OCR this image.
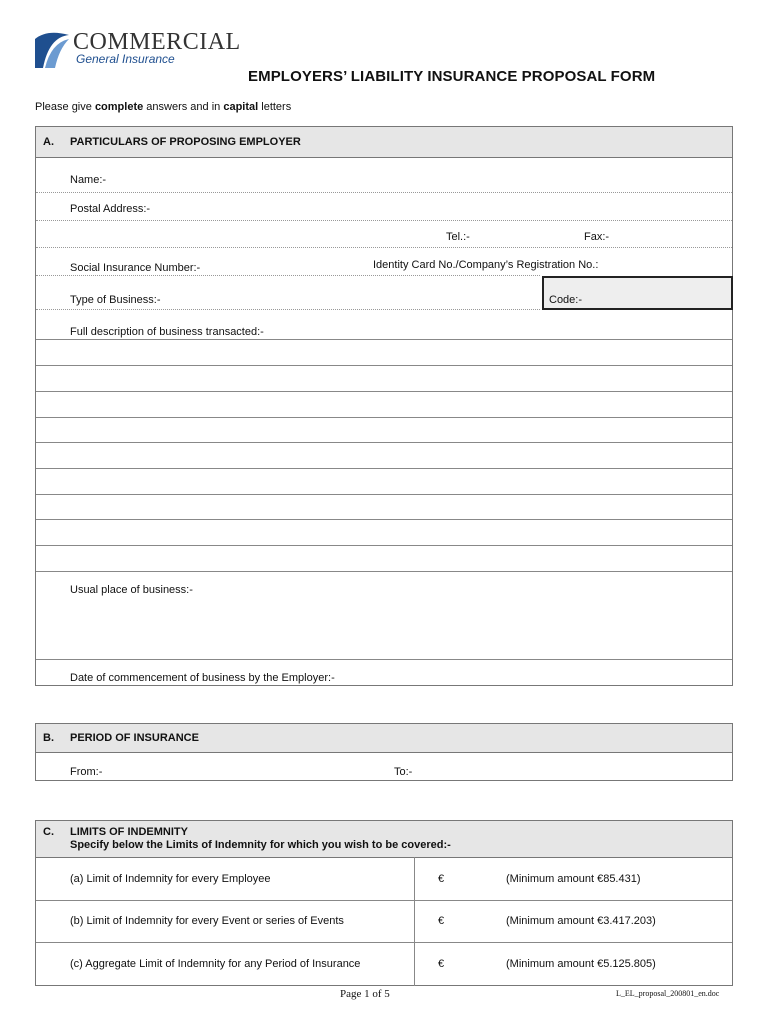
COMMERCIAL
General Insurance
EMPLOYERS’ LIABILITY INSURANCE PROPOSAL FORM
Please give complete answers and in capital letters
A. PARTICULARS OF PROPOSING EMPLOYER
Name:-
Postal Address:-
Tel.:-	Fax:-
Social Insurance Number:-	Identity Card No./Company’s Registration No.:
Type of Business:-	Code:-
Full description of business transacted:-
Usual place of business:-
Date of commencement of business by the Employer:-
B. PERIOD OF INSURANCE
From:-	To:-
C. LIMITS OF INDEMNITY
Specify below the Limits of Indemnity for which you wish to be covered:-
(a) Limit of Indemnity for every Employee	€	(Minimum amount €85.431)
(b) Limit of Indemnity for every Event or series of Events	€	(Minimum amount €3.417.203)
(c) Aggregate Limit of Indemnity for any Period of Insurance	€	(Minimum amount €5.125.805)
Page 1 of 5	L_EL_proposal_200801_en.doc
